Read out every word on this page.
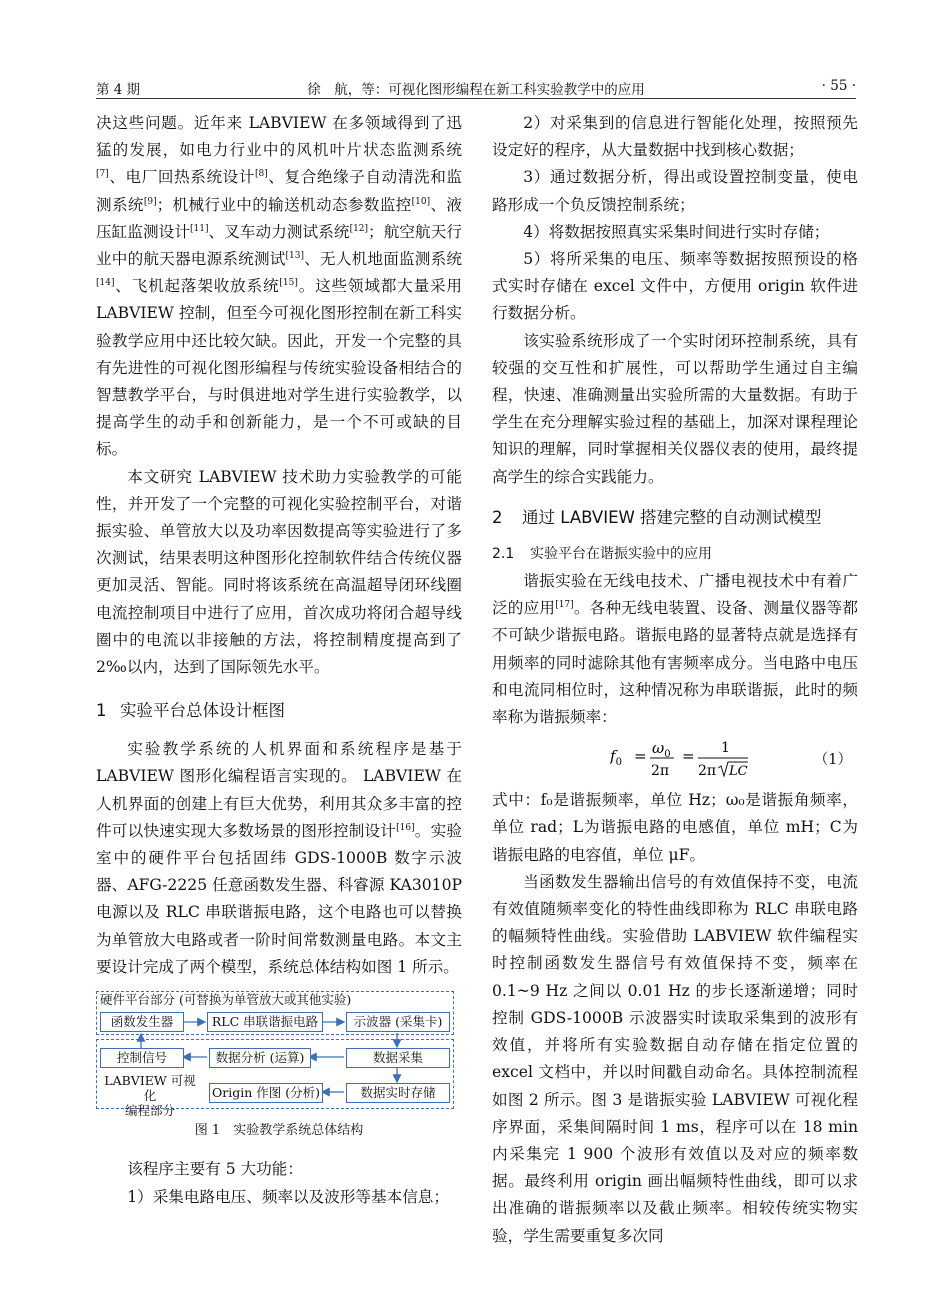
第 4 期	徐　航，等：可视化图形编程在新工科实验教学中的应用	· 55 ·

决这些问题。近年来 LABVIEW 在多领域得到了迅猛的发展，如电力行业中的风机叶片状态监测系统[7]、电厂回热系统设计[8]、复合绝缘子自动清洗和监测系统[9]；机械行业中的输送机动态参数监控[10]、液压缸监测设计[11]、叉车动力测试系统[12]；航空航天行业中的航天器电源系统测试[13]、无人机地面监测系统[14]、飞机起落架收放系统[15]。这些领域都大量采用 LABVIEW 控制，但至今可视化图形控制在新工科实验教学应用中还比较欠缺。因此，开发一个完整的具有先进性的可视化图形编程与传统实验设备相结合的智慧教学平台，与时俱进地对学生进行实验教学，以提高学生的动手和创新能力，是一个不可或缺的目标。

本文研究 LABVIEW 技术助力实验教学的可能性，并开发了一个完整的可视化实验控制平台，对谐振实验、单管放大以及功率因数提高等实验进行了多次测试，结果表明这种图形化控制软件结合传统仪器更加灵活、智能。同时将该系统在高温超导闭环线圈电流控制项目中进行了应用，首次成功将闭合超导线圈中的电流以非接触的方法，将控制精度提高到了 2‰以内，达到了国际领先水平。

1 实验平台总体设计框图

实验教学系统的人机界面和系统程序是基于 LABVIEW 图形化编程语言实现的。 LABVIEW 在人机界面的创建上有巨大优势，利用其众多丰富的控件可以快速实现大多数场景的图形控制设计[16]。实验室中的硬件平台包括固纬 GDS-1000B 数字示波器、AFG-2225 任意函数发生器、科睿源 KA3010P 电源以及 RLC 串联谐振电路，这个电路也可以替换为单管放大电路或者一阶时间常数测量电路。本文主要设计完成了两个模型，系统总体结构如图 1 所示。

硬件平台部分 (可替换为单管放大或其他实验)
函数发生器	RLC 串联谐振电路	示波器 (采集卡)
控制信号	数据分析 (运算)	数据采集
LABVIEW 可视化
编程部分
Origin 作图 (分析)	数据实时存储

图 1　实验教学系统总体结构

该程序主要有 5 大功能：

1）采集电路电压、频率以及波形等基本信息；

2）对采集到的信息进行智能化处理，按照预先设定好的程序，从大量数据中找到核心数据；

3）通过数据分析，得出或设置控制变量，使电路形成一个负反馈控制系统；

4）将数据按照真实采集时间进行实时存储；

5）将所采集的电压、频率等数据按照预设的格式实时存储在 excel 文件中，方便用 origin 软件进行数据分析。

该实验系统形成了一个实时闭环控制系统，具有较强的交互性和扩展性，可以帮助学生通过自主编程，快速、准确测量出实验所需的大量数据。有助于学生在充分理解实验过程的基础上，加深对课程理论知识的理解，同时掌握相关仪器仪表的使用，最终提高学生的综合实践能力。

2 通过 LABVIEW 搭建完整的自动测试模型

2.1 实验平台在谐振实验中的应用

谐振实验在无线电技术、广播电视技术中有着广泛的应用[17]。各种无线电装置、设备、测量仪器等都不可缺少谐振电路。谐振电路的显著特点就是选择有用频率的同时滤除其他有害频率成分。当电路中电压和电流同相位时，这种情况称为串联谐振，此时的频率称为谐振频率：

$f_0 = \omega_0$
2π
= 1
2π LC
（1）

式中：f₀是谐振频率，单位 Hz；ω₀是谐振角频率，单位 rad；L为谐振电路的电感值，单位 mH；C为谐振电路的电容值，单位 μF。

当函数发生器输出信号的有效值保持不变，电流有效值随频率变化的特性曲线即称为 RLC 串联电路的幅频特性曲线。实验借助 LABVIEW 软件编程实时控制函数发生器信号有效值保持不变，频率在 0.1~9 Hz 之间以 0.01 Hz 的步长逐渐递增；同时控制 GDS-1000B 示波器实时读取采集到的波形有效值，并将所有实验数据自动存储在指定位置的 excel 文档中，并以时间戳自动命名。具体控制流程如图 2 所示。图 3 是谐振实验 LABVIEW 可视化程序界面，采集间隔时间 1 ms，程序可以在 18 min 内采集完 1 900 个波形有效值以及对应的频率数据。最终利用 origin 画出幅频特性曲线，即可以求出准确的谐振频率以及截止频率。相较传统实物实验，学生需要重复多次同
